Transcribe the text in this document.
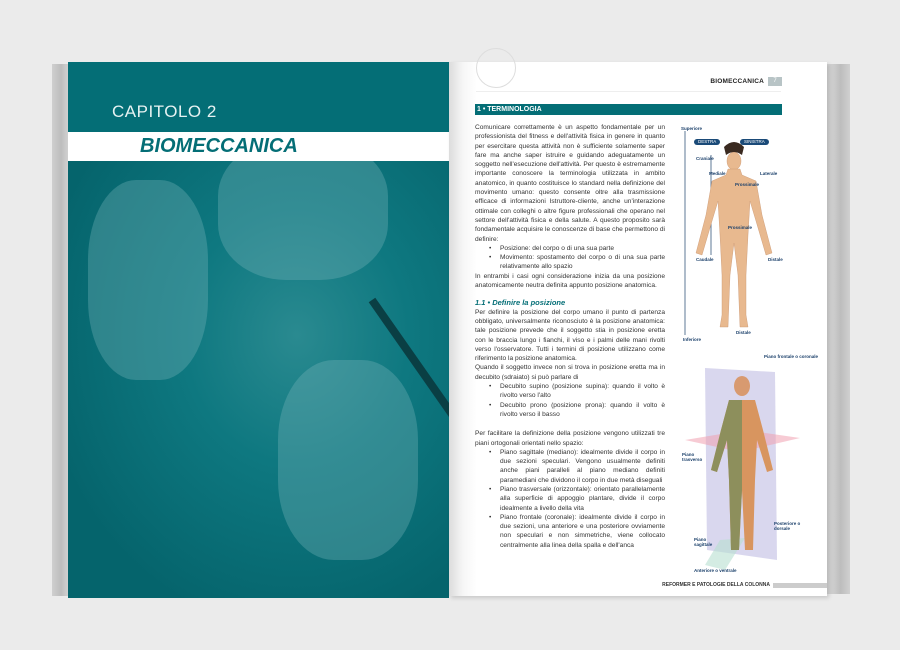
CAPITOLO 2
BIOMECCANICA
BIOMECCANICA	7
1 • TERMINOLOGIA

Comunicare correttamente è un aspetto fondamentale per un professionista del fitness e dell'attività fisica in genere in quanto per esercitare questa attività non è sufficiente solamente saper fare ma anche saper istruire e guidando adeguatamente un soggetto nell'esecuzione dell'attività. Per questo è estremamente importante conoscere la terminologia utilizzata in ambito anatomico, in quanto costituisce lo standard nella definizione del movimento umano: questo consente oltre alla trasmissione efficace di informazioni Istruttore-cliente, anche un'interazione ottimale con colleghi o altre figure professionali che operano nel settore dell'attività fisica e della salute. A questo proposito sarà fondamentale acquisire le conoscenze di base che permettono di definire:

• Posizione: del corpo o di una sua parte
• Movimento: spostamento del corpo o di una sua parte relativamente allo spazio

In entrambi i casi ogni considerazione inizia da una posizione anatomicamente neutra definita appunto posizione anatomica.

1.1 • Definire la posizione

Per definire la posizione del corpo umano il punto di partenza obbligato, universalmente riconosciuto è la posizione anatomica: tale posizione prevede che il soggetto stia in posizione eretta con le braccia lungo i fianchi, il viso e i palmi delle mani rivolti verso l'osservatore. Tutti i termini di posizione utilizzano come riferimento la posizione anatomica.

Quando il soggetto invece non si trova in posizione eretta ma in decubito (sdraiato) si può parlare di

• Decubito supino (posizione supina): quando il volto è rivolto verso l'alto
• Decubito prono (posizione prona): quando il volto è rivolto verso il basso

Per facilitare la definizione della posizione vengono utilizzati tre piani ortogonali orientati nello spazio:

• Piano sagittale (mediano): idealmente divide il corpo in due sezioni speculari. Vengono usualmente definiti anche piani paralleli al piano mediano definiti paramediani che dividono il corpo in due metà diseguali
• Piano trasversale (orizzontale): orientato parallelamente alla superficie di appoggio plantare, divide il corpo idealmente a livello della vita
• Piano frontale (coronale): idealmente divide il corpo in due sezioni, una anteriore e una posteriore ovviamente non speculari e non simmetriche, viene collocato centralmente alla linea della spalla e dell'anca
Superiore
DESTRA	SINISTRA
Craniale
Mediale	Laterale
Prossimale
Prossimale
Caudale	Distale
Distale
Inferiore
Piano frontale o coronale
Piano trasverso
Posteriore o dorsale
Piano sagittale
Anteriore o ventrale
REFORMER E PATOLOGIE DELLA COLONNA
